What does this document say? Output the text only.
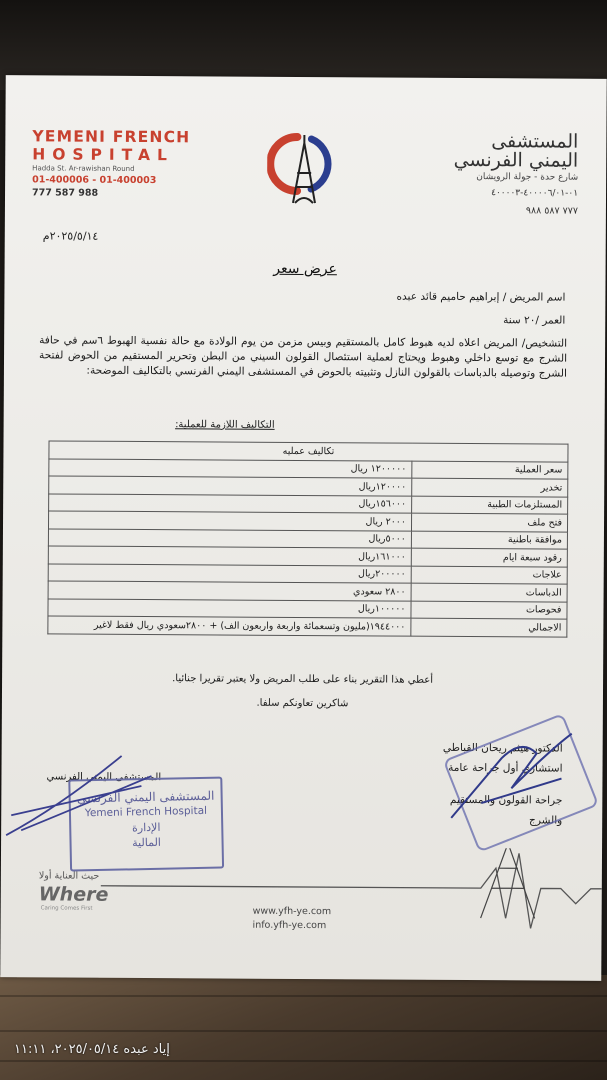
YEMENI FRENCH
HOSPITAL
Hadda St. Ar-rawishan Round
01-400006 - 01-400003
777 587 988
المستشفى
اليمني الفرنسي
شارع حدة - جولة الرويشان
٠١-٤٠٠٠٠٦/٠١-٤٠٠٠٠٣
٧٧٧ ٥٨٧ ٩٨٨
٢٠٢٥/٥/١٤م
عرض سعر
اسم المريض / إبراهيم حاميم قائد عبده
العمر /٢٠ سنة
التشخيص/ المريض اعلاه لديه هبوط كامل بالمستقيم وبيس مزمن من يوم الولادة مع حالة نفسية الهبوط ٦سم في حافة الشرج مع توسع داخلي وهبوط ويحتاج لعملية استئصال القولون السيني من البطن وتحرير المستقيم من الحوض لفتحة الشرج وتوصيله بالدباسات بالقولون النازل وتثبيته بالحوض في المستشفى اليمني الفرنسي بالتكاليف الموضحة:
التكاليف اللازمة للعملية:
تكاليف عمليه	
سعر العملية	١٢٠٠٠٠٠ ريال
تخدير	١٢٠٠٠٠ريال
المستلزمات الطبية	١٥٦٠٠٠ريال
فتح ملف	٢٠٠٠ ريال
موافقة باطنية	٥٠٠٠ريال
رقود سبعة ايام	١٦١٠٠٠ريال
علاجات	٢٠٠٠٠٠ريال
الدباسات	٢٨٠٠ سعودي
فحوصات	١٠٠٠٠٠ريال
الاجمالي	١٩٤٤٠٠٠(مليون وتسعمائة واربعة واربعون الف) + ٢٨٠٠سعودي ريال فقط لاغير
أعطي هذا التقرير بناء على طلب المريض ولا يعتبر تقريرا جنائيا.
شاكرين تعاونكم سلفا.
الدكتور هيثم ريحان القباطي
استشاري أول جراحة عامة
جراحة القولون والمستقيم
والشرج
المستشفى اليمني الفرنسي
المستشفى اليمني الفرنسي
Yemeni French Hospital
الإدارة
المالية
حيث العناية أولا
Where
Caring Comes First	www.yfh-ye.com
info.yfh-ye.com
إياد عبده ٢٠٢٥/٠٥/١٤، ١١:١١
